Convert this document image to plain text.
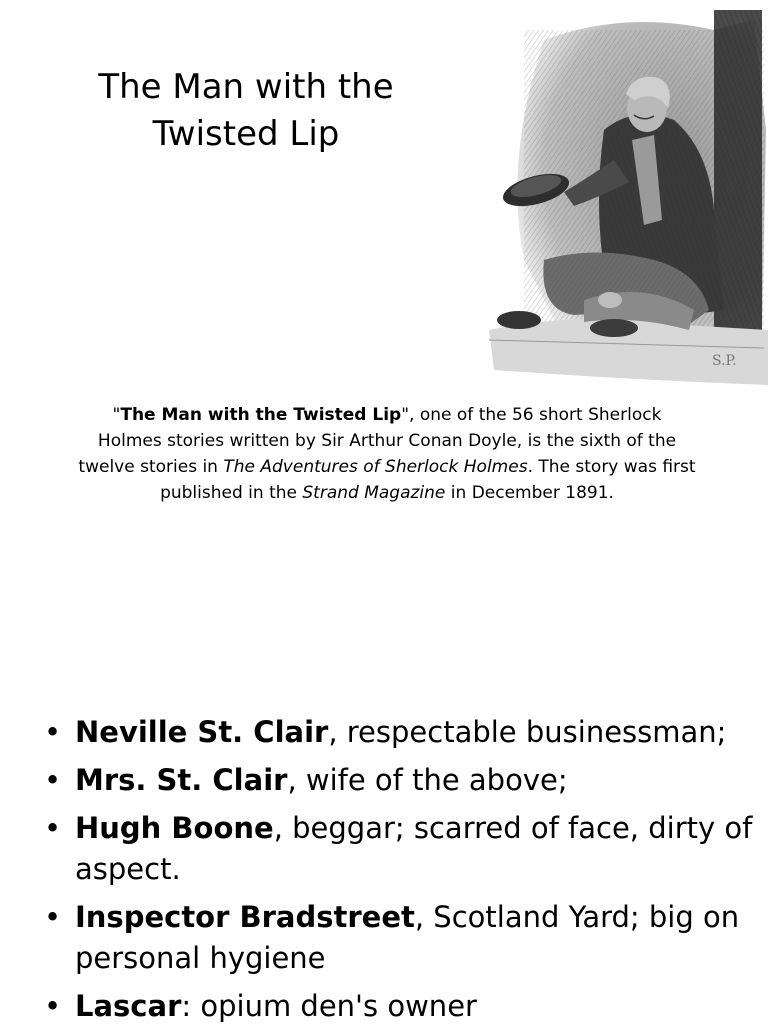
The Man with the
Twisted Lip
S.P.

"The Man with the Twisted Lip", one of the 56 short Sherlock
Holmes stories written by Sir Arthur Conan Doyle, is the sixth of the
twelve stories in The Adventures of Sherlock Holmes. The story was first
published in the Strand Magazine in December 1891.

• Neville St. Clair, respectable businessman;
• Mrs. St. Clair, wife of the above;
• Hugh Boone, beggar; scarred of face, dirty of
aspect.
• Inspector Bradstreet, Scotland Yard; big on
personal hygiene
• Lascar: opium den's owner
